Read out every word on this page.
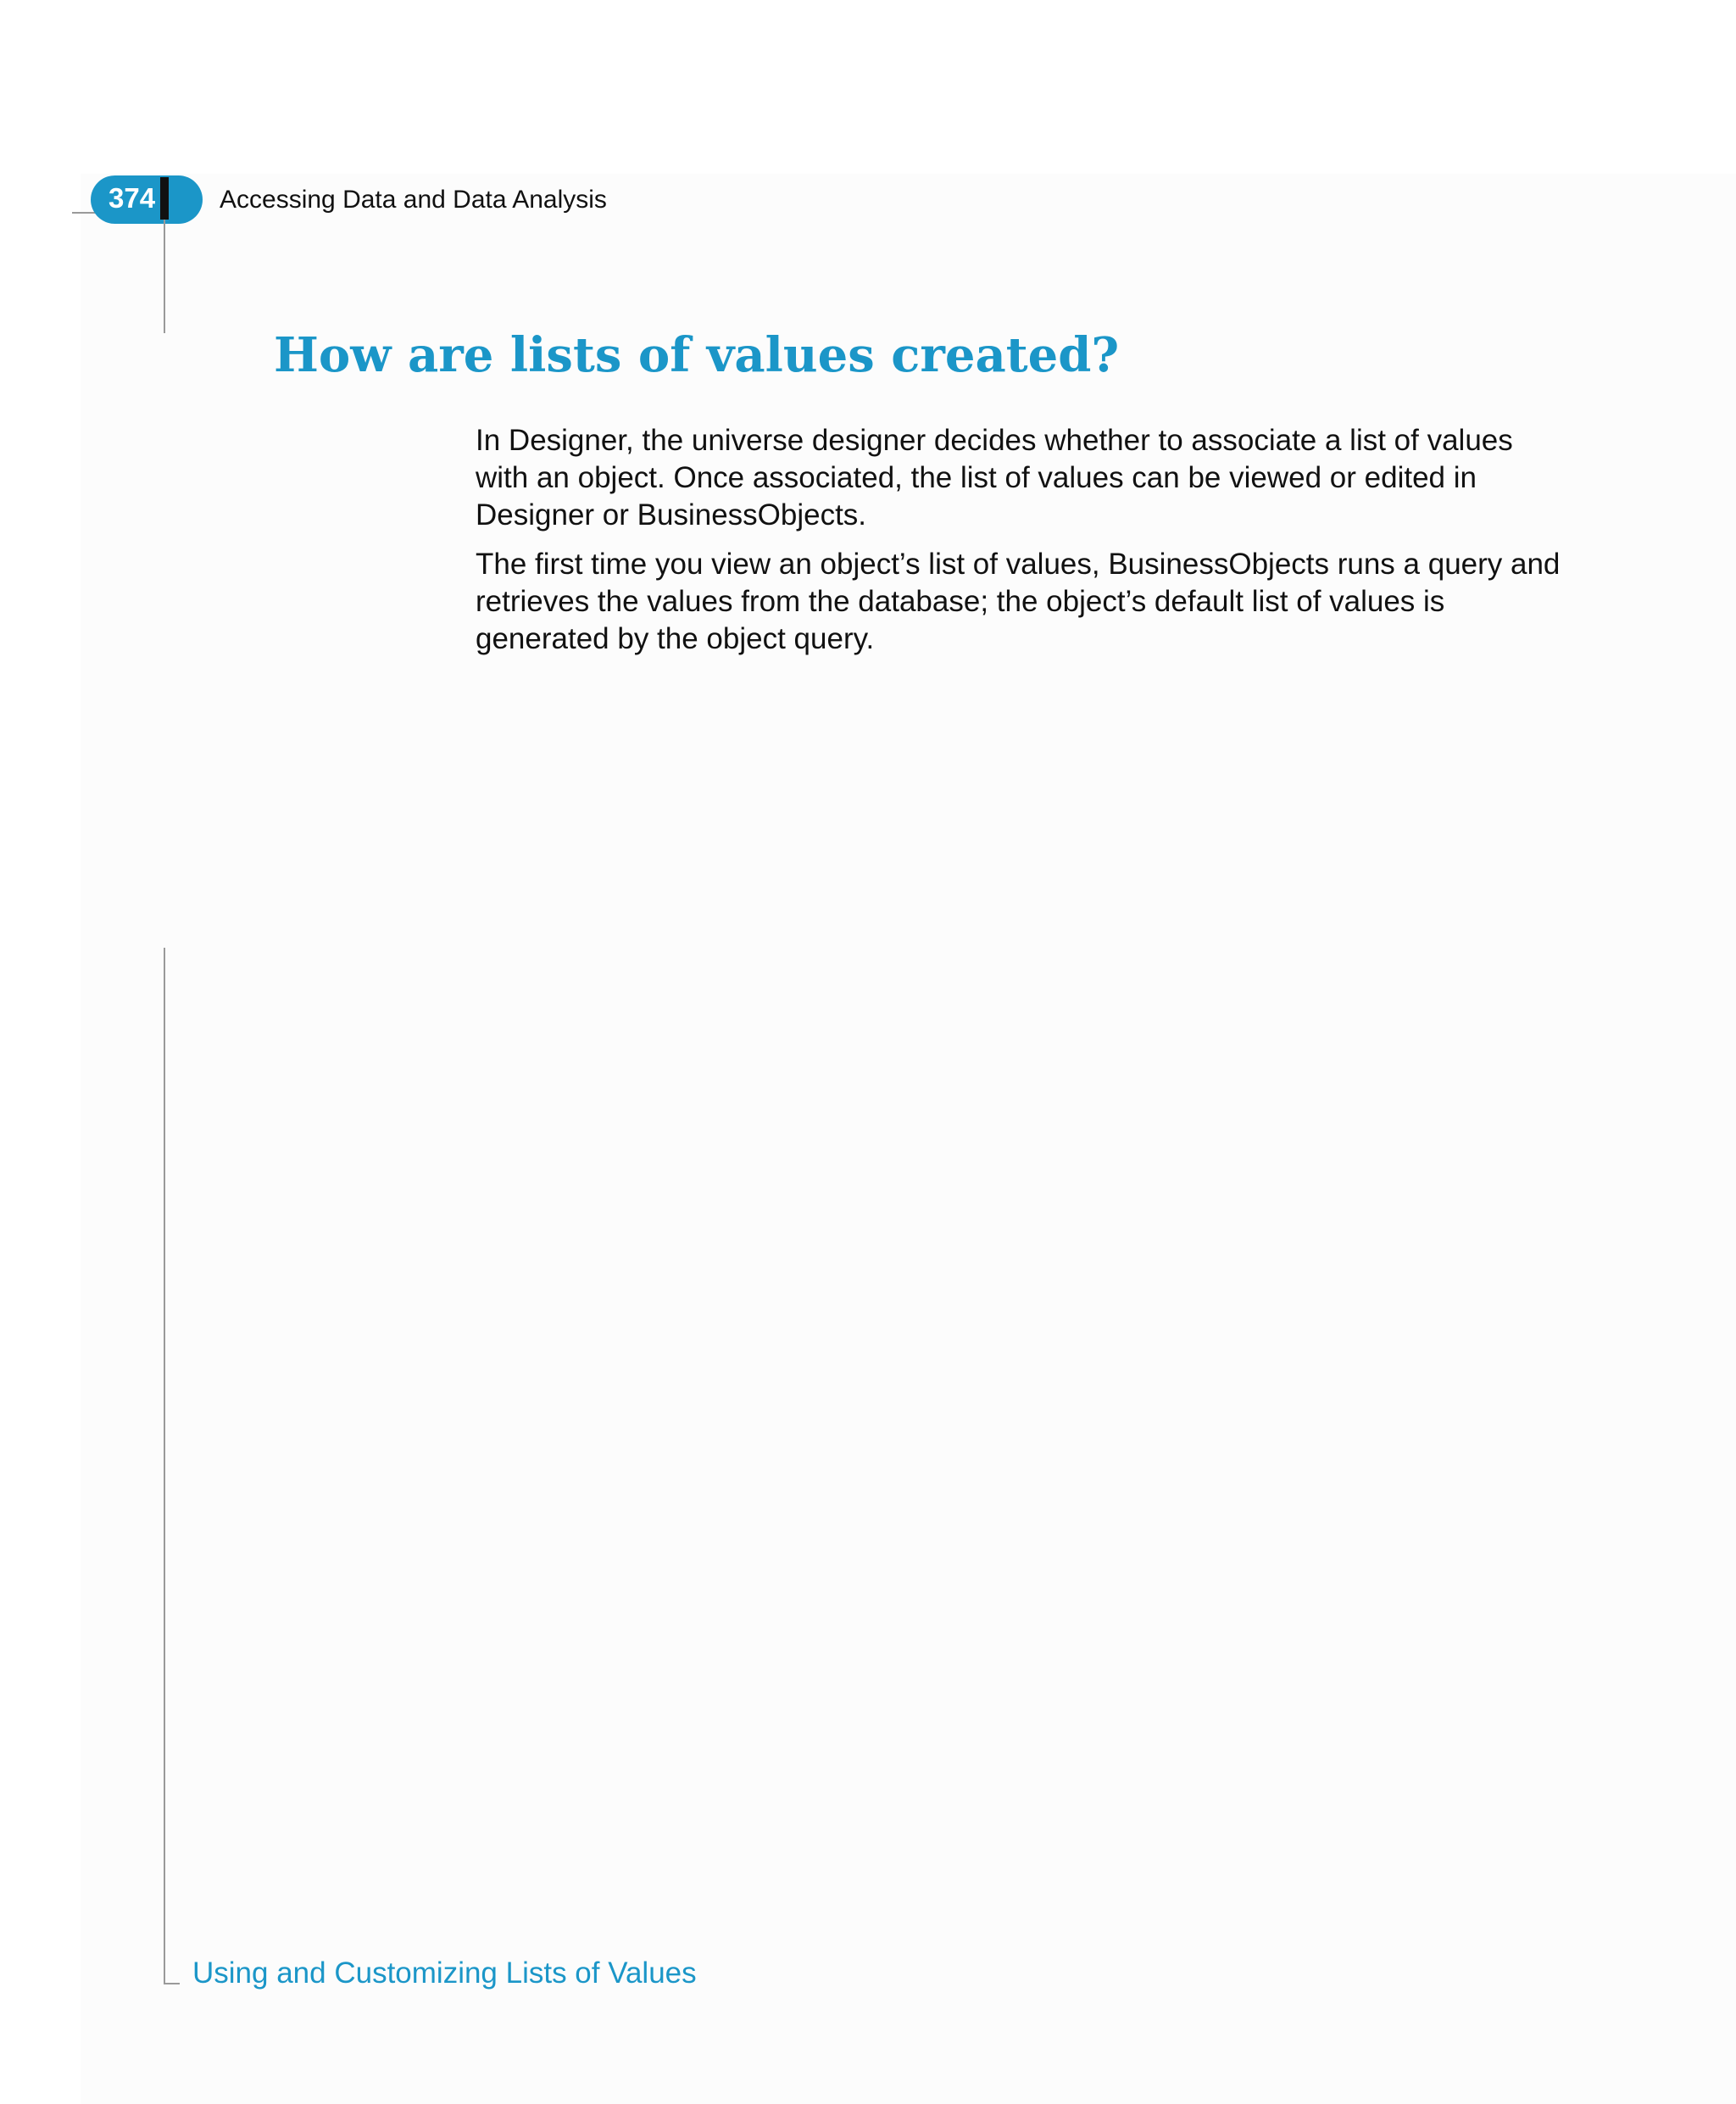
374	Accessing Data and Data Analysis
How are lists of values created?

In Designer, the universe designer decides whether to associate a list of values with an object. Once associated, the list of values can be viewed or edited in Designer or BusinessObjects.

The first time you view an object’s list of values, BusinessObjects runs a query and retrieves the values from the database; the object’s default list of values is generated by the object query.

Using and Customizing Lists of Values
